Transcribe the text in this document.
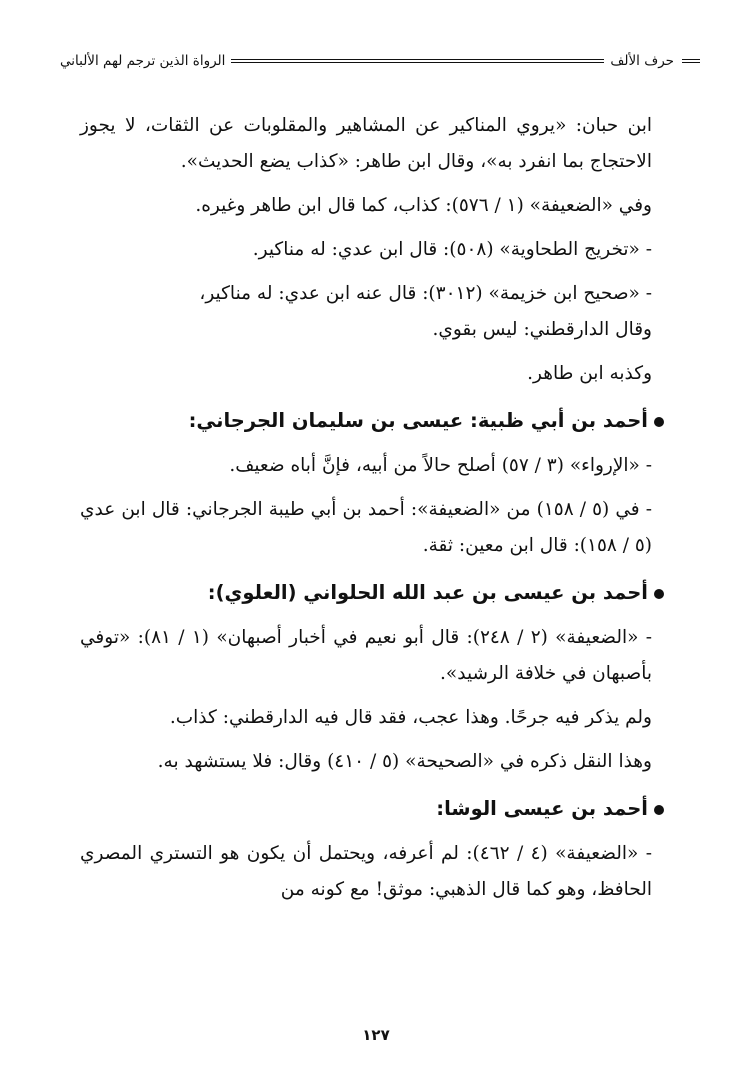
حرف الألف
الرواة الذين ترجم لهم الألباني

ابن حبان: «يروي المناكير عن المشاهير والمقلوبات عن الثقات، لا يجوز الاحتجاج بما انفرد به»، وقال ابن طاهر: «كذاب يضع الحديث».

وفي «الضعيفة» (١ / ٥٧٦): كذاب، كما قال ابن طاهر وغيره.

- «تخريج الطحاوية» (٥٠٨): قال ابن عدي: له مناكير.

- «صحيح ابن خزيمة» (٣٠١٢): قال عنه ابن عدي: له مناكير،

وقال الدارقطني: ليس بقوي.

وكذبه ابن طاهر.

أحمد بن أبي ظبية: عيسى بن سليمان الجرجاني:

- «الإرواء» (٣ / ٥٧) أصلح حالاً من أبيه، فإنَّ أباه ضعيف.

- في (٥ / ١٥٨) من «الضعيفة»: أحمد بن أبي طيبة الجرجاني: قال ابن عدي (٥ / ١٥٨): قال ابن معين: ثقة.

أحمد بن عيسى بن عبد الله الحلواني (العلوي):

- «الضعيفة» (٢ / ٢٤٨): قال أبو نعيم في أخبار أصبهان» (١ / ٨١): «توفي بأصبهان في خلافة الرشيد».

ولم يذكر فيه جرحًا. وهذا عجب، فقد قال فيه الدارقطني: كذاب.

وهذا النقل ذكره في «الصحيحة» (٥ / ٤١٠) وقال: فلا يستشهد به.

أحمد بن عيسى الوشا:

- «الضعيفة» (٤ / ٤٦٢): لم أعرفه، ويحتمل أن يكون هو التستري المصري الحافظ، وهو كما قال الذهبي: موثق! مع كونه من

١٢٧
